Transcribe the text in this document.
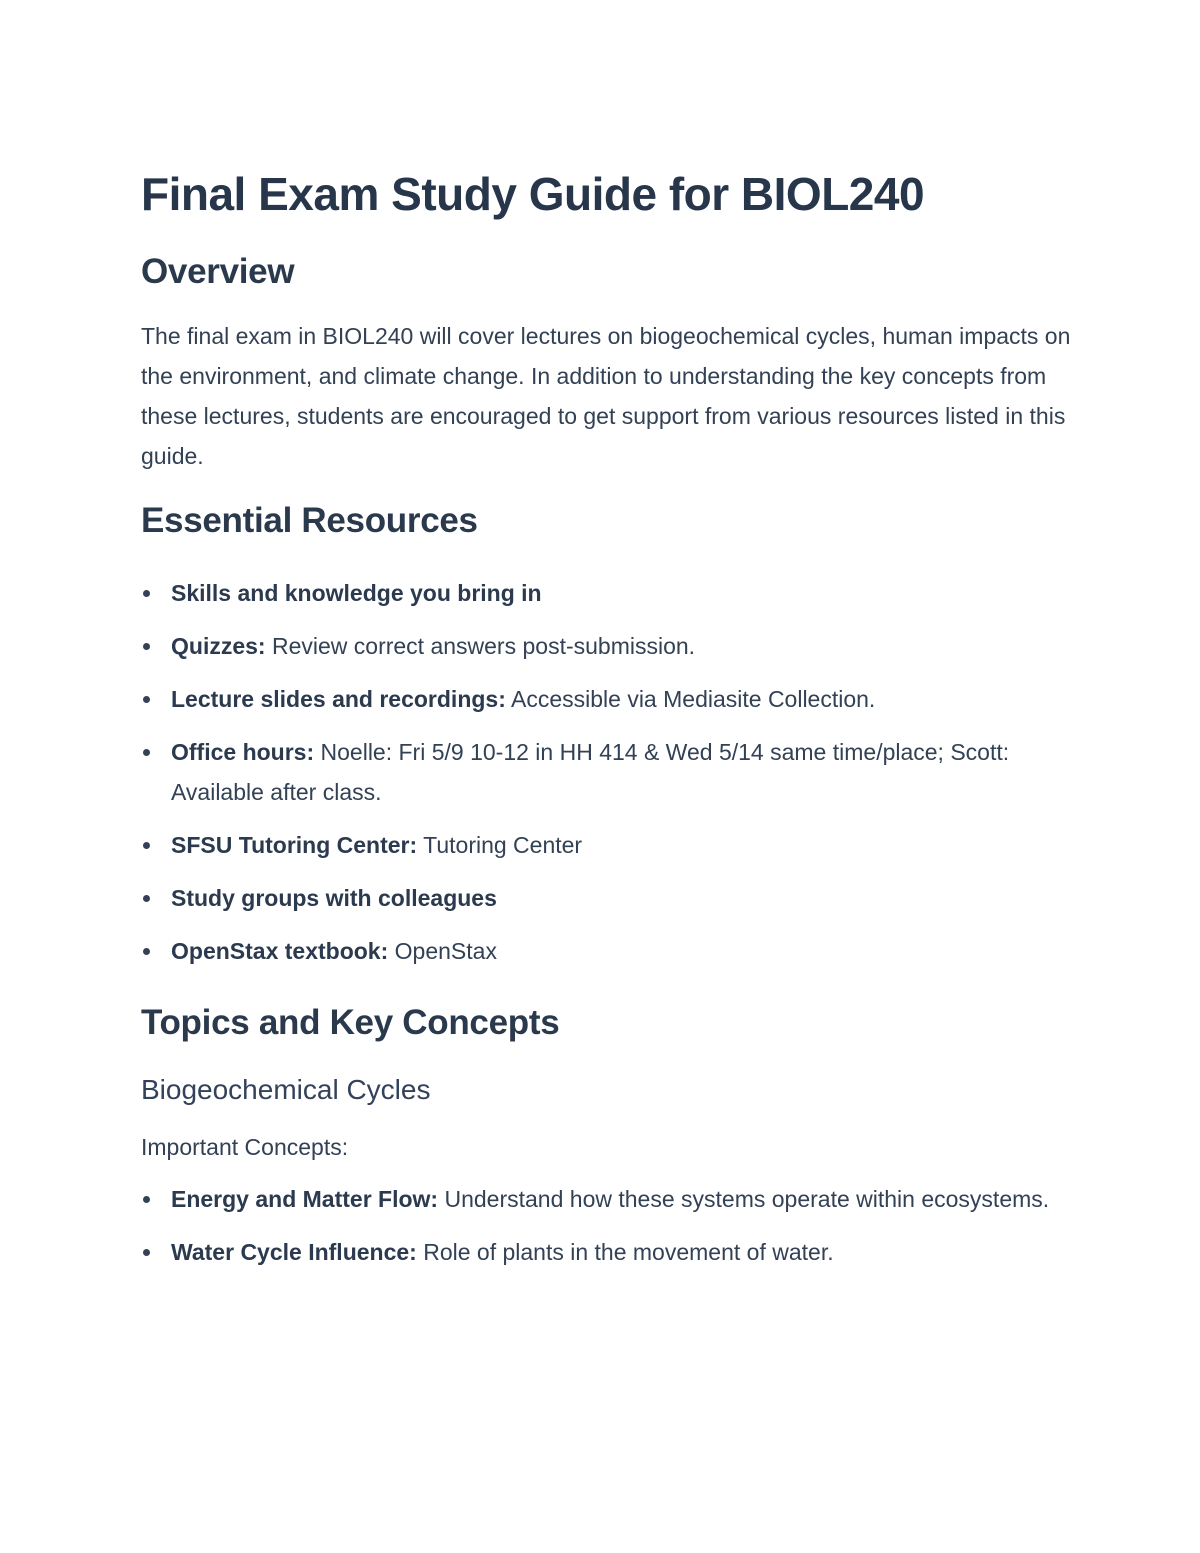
Final Exam Study Guide for BIOL240
Overview

The final exam in BIOL240 will cover lectures on biogeochemical cycles, human impacts on the environment, and climate change. In addition to understanding the key concepts from these lectures, students are encouraged to get support from various resources listed in this guide.

Essential Resources
Skills and knowledge you bring in
Quizzes: Review correct answers post-submission.
Lecture slides and recordings: Accessible via Mediasite Collection.
Office hours: Noelle: Fri 5/9 10-12 in HH 414 & Wed 5/14 same time/place; Scott: Available after class.
SFSU Tutoring Center: Tutoring Center
Study groups with colleagues
OpenStax textbook: OpenStax
Topics and Key Concepts
Biogeochemical Cycles

Important Concepts:

Energy and Matter Flow: Understand how these systems operate within ecosystems.
Water Cycle Influence: Role of plants in the movement of water.
